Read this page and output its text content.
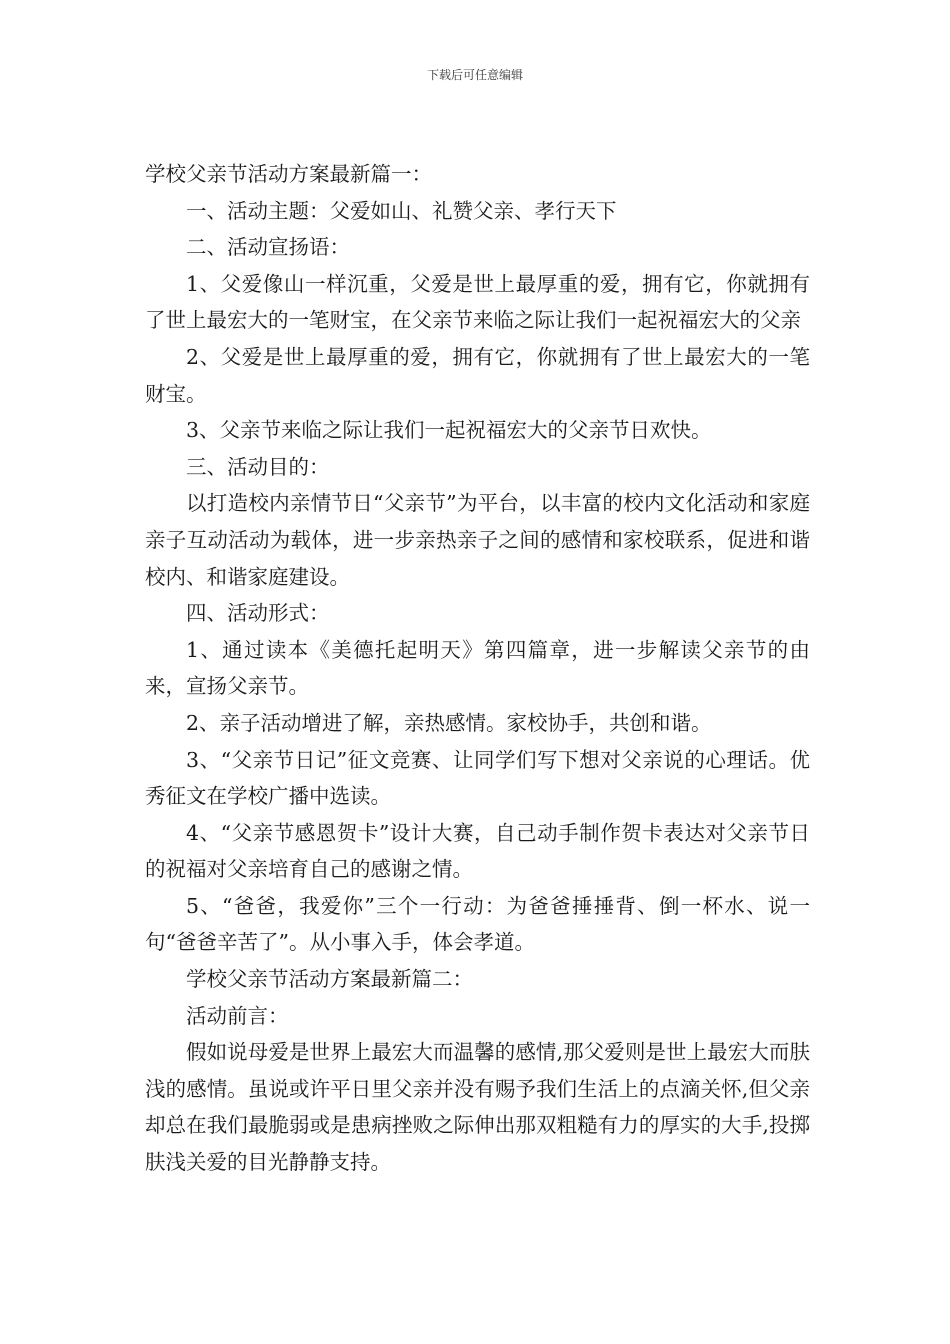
下载后可任意编辑

学校父亲节活动方案最新篇一：

一、活动主题：父爱如山、礼赞父亲、孝行天下

二、活动宣扬语：

1、父爱像山一样沉重，父爱是世上最厚重的爱，拥有它，你就拥有了世上最宏大的一笔财宝，在父亲节来临之际让我们一起祝福宏大的父亲

2、父爱是世上最厚重的爱，拥有它，你就拥有了世上最宏大的一笔财宝。

3、父亲节来临之际让我们一起祝福宏大的父亲节日欢快。

三、活动目的：

以打造校内亲情节日“父亲节”为平台，以丰富的校内文化活动和家庭亲子互动活动为载体，进一步亲热亲子之间的感情和家校联系，促进和谐校内、和谐家庭建设。

四、活动形式：

1、通过读本《美德托起明天》第四篇章，进一步解读父亲节的由来，宣扬父亲节。

2、亲子活动增进了解，亲热感情。家校协手，共创和谐。

3、“父亲节日记”征文竞赛、让同学们写下想对父亲说的心理话。优秀征文在学校广播中选读。

4、“父亲节感恩贺卡”设计大赛，自己动手制作贺卡表达对父亲节日的祝福对父亲培育自己的感谢之情。

5、“爸爸，我爱你”三个一行动：为爸爸捶捶背、倒一杯水、说一句“爸爸辛苦了”。从小事入手，体会孝道。

学校父亲节活动方案最新篇二：

活动前言：

假如说母爱是世界上最宏大而温馨的感情,那父爱则是世上最宏大而肤浅的感情。虽说或许平日里父亲并没有赐予我们生活上的点滴关怀,但父亲却总在我们最脆弱或是患病挫败之际伸出那双粗糙有力的厚实的大手,投掷肤浅关爱的目光静静支持。
